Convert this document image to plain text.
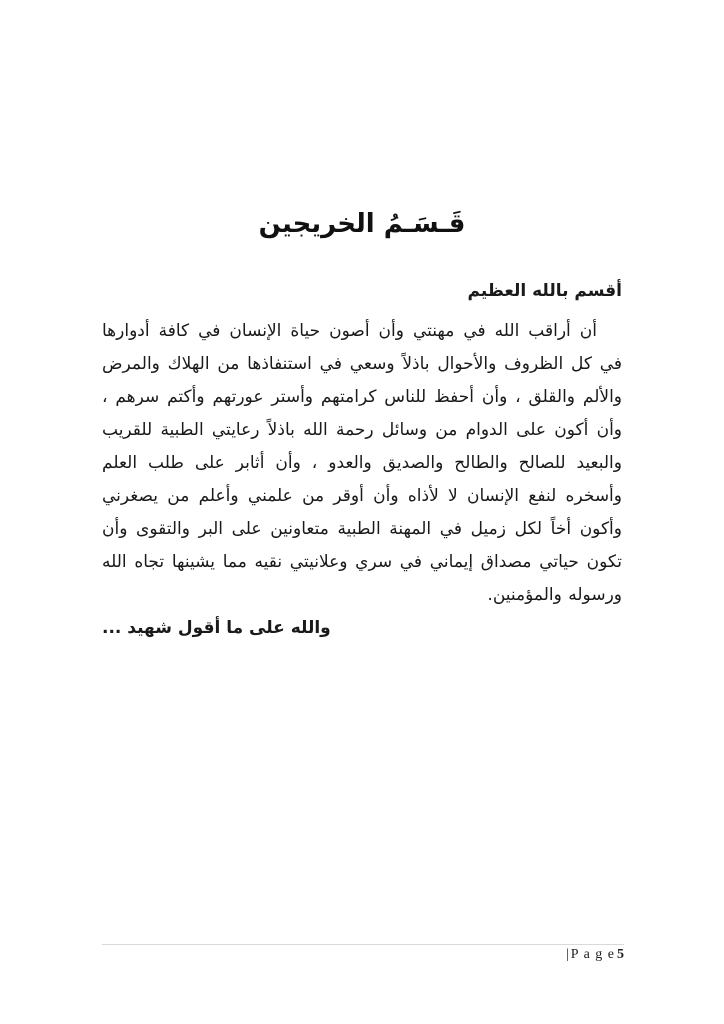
قَـسَـمُ الخريجين
أقسم بالله العظيم
أن أراقب الله في مهنتي وأن أصون حياة الإنسان في كافة أدوارها في كل الظروف والأحوال باذلاً وسعي في استنفاذها من الهلاك والمرض والألم والقلق ، وأن أحفظ للناس كرامتهم وأستر عورتهم وأكتم سرهم ، وأن أكون على الدوام من وسائل رحمة الله باذلاً رعايتي الطبية للقريب والبعيد للصالح والطالح والصديق والعدو ، وأن أثابر على طلب العلم وأسخره لنفع الإنسان لا لأذاه وأن أوقر من علمني وأعلم من يصغرني وأكون أخاً لكل زميل في المهنة الطبية متعاونين على البر والتقوى وأن تكون حياتي مصداق إيماني في سري وعلانيتي نقيه مما يشينها تجاه الله ورسوله والمؤمنين.
والله على ما أقول شهيد ...
| P a g e 5
